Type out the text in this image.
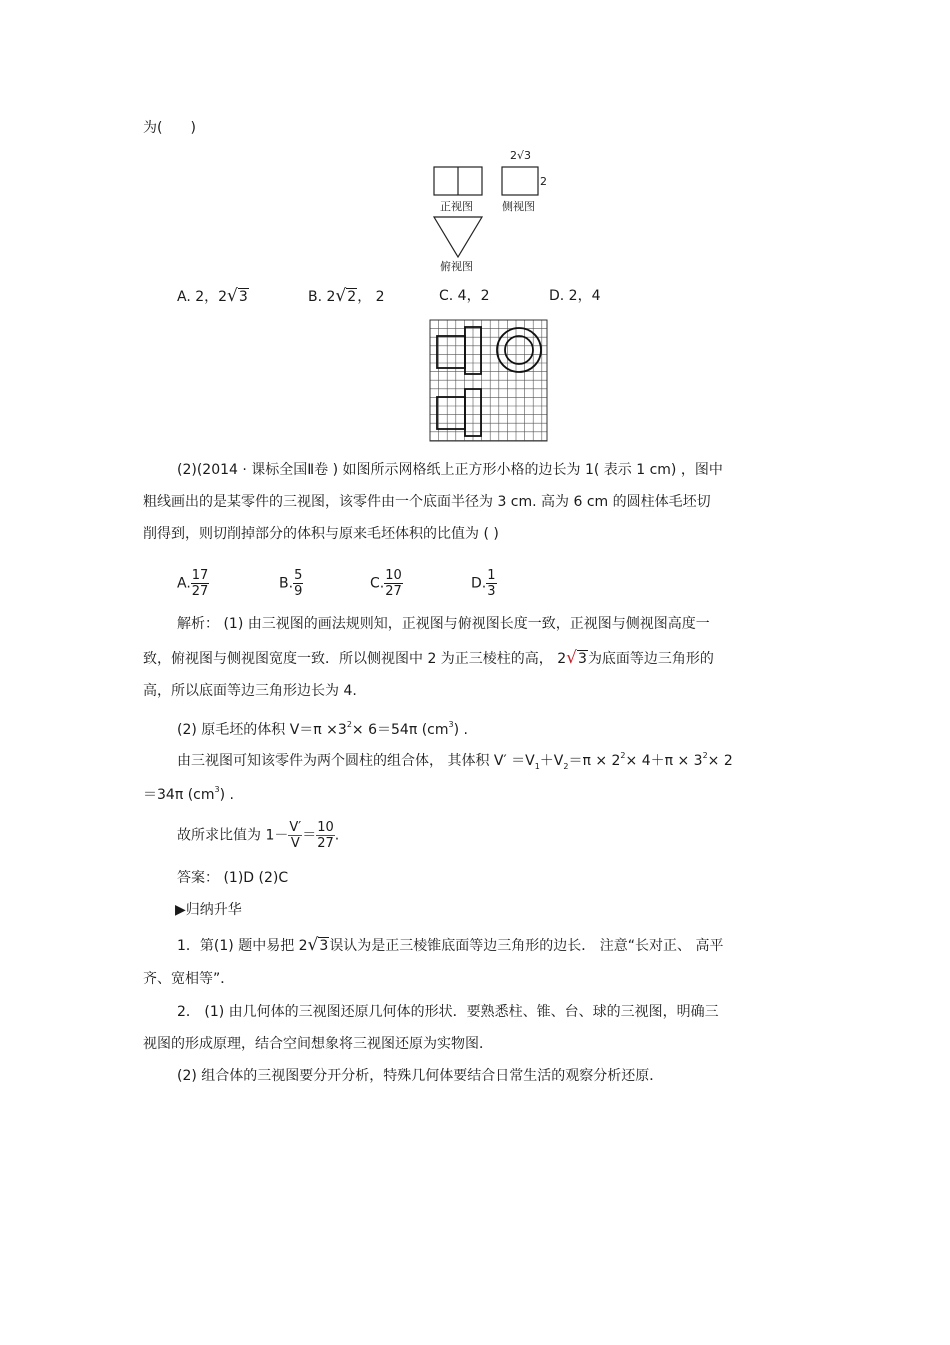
为(　　)
2√3
2
正视图	侧视图
俯视图
A. 2，2√3	B. 2√2， 2	C. 4，2	D. 2，4
(2)(2014 · 课标全国Ⅱ卷 ) 如图所示网格纸上正方形小格的边长为 1( 表示 1 cm) ，图中
粗线画出的是某零件的三视图，该零件由一个底面半径为 3 cm. 高为 6 cm 的圆柱体毛坯切
削得到，则切削掉部分的体积与原来毛坯体积的比值为 ( )
A. $\frac{17}{27}$	B. $\frac{5}{9}$	C. $\frac{10}{27}$	D. $\frac{1}{3}$
解析： (1) 由三视图的画法规则知，正视图与俯视图长度一致，正视图与侧视图高度一
致，俯视图与侧视图宽度一致．所以侧视图中 2 为正三棱柱的高， 2√3为底面等边三角形的
高，所以底面等边三角形边长为 4.
(2) 原毛坯的体积 $V=\pi \times 3^2\times 6=54\pi$ $(cm^3)$ .
由三视图可知该零件为两个圆柱的组合体， 其体积 $V' =V_1+V_2=\pi \times 2^2\times 4+\pi \times 3^2\times 2$
＝34π $(cm^3)$ .
故所求比值为 $1- \frac{V'}{V} = \frac{10}{27}$ .
答案： (1)D (2)C
▶归纳升华
1．第(1) 题中易把 2√3误认为是正三棱锥底面等边三角形的边长． 注意“长对正、 高平
齐、宽相等”．
2． (1) 由几何体的三视图还原几何体的形状．要熟悉柱、锥、台、球的三视图，明确三
视图的形成原理，结合空间想象将三视图还原为实物图．
(2) 组合体的三视图要分开分析，特殊几何体要结合日常生活的观察分析还原．
